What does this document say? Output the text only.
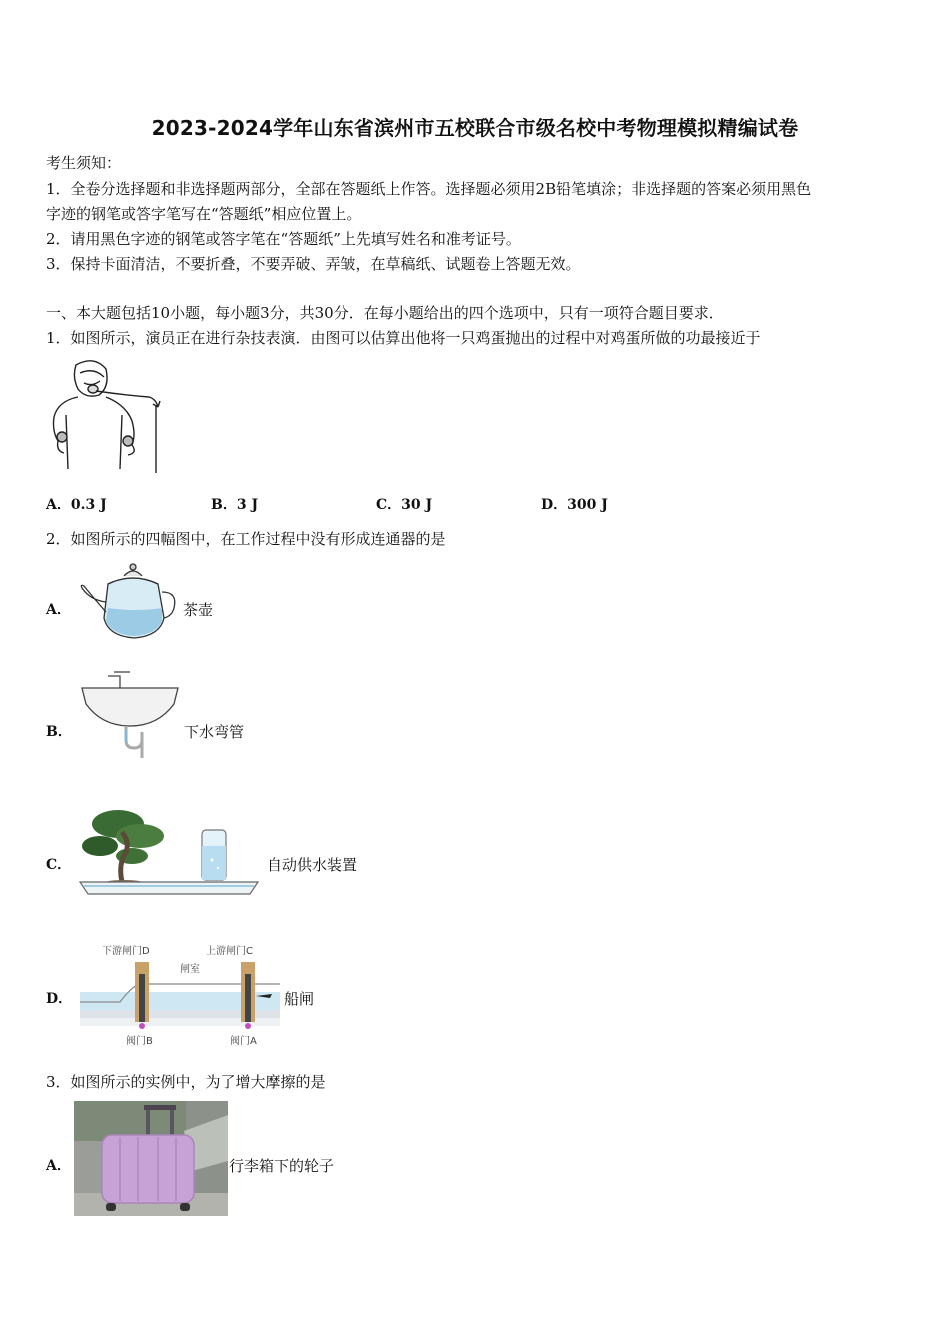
2023-2024学年山东省滨州市五校联合市级名校中考物理模拟精编试卷
考生须知：
1．全卷分选择题和非选择题两部分，全部在答题纸上作答。选择题必须用2B铅笔填涂；非选择题的答案必须用黑色
字迹的钢笔或答字笔写在“答题纸”相应位置上。
2．请用黑色字迹的钢笔或答字笔在“答题纸”上先填写姓名和准考证号。
3．保持卡面清洁，不要折叠，不要弄破、弄皱，在草稿纸、试题卷上答题无效。
一、本大题包括10小题，每小题3分，共30分．在每小题给出的四个选项中，只有一项符合题目要求．
1．如图所示，演员正在进行杂技表演．由图可以估算出他将一只鸡蛋抛出的过程中对鸡蛋所做的功最接近于
A．0.3 J	B．3 J	C．30 J	D．300 J
2．如图所示的四幅图中，在工作过程中没有形成连通器的是
A．	茶壶
B．	下水弯管
C．	自动供水装置
D．
下游闸门D	上游闸门C
闸室
阀门B	阀门A
船闸
3．如图所示的实例中，为了增大摩擦的是
A．	行李箱下的轮子
